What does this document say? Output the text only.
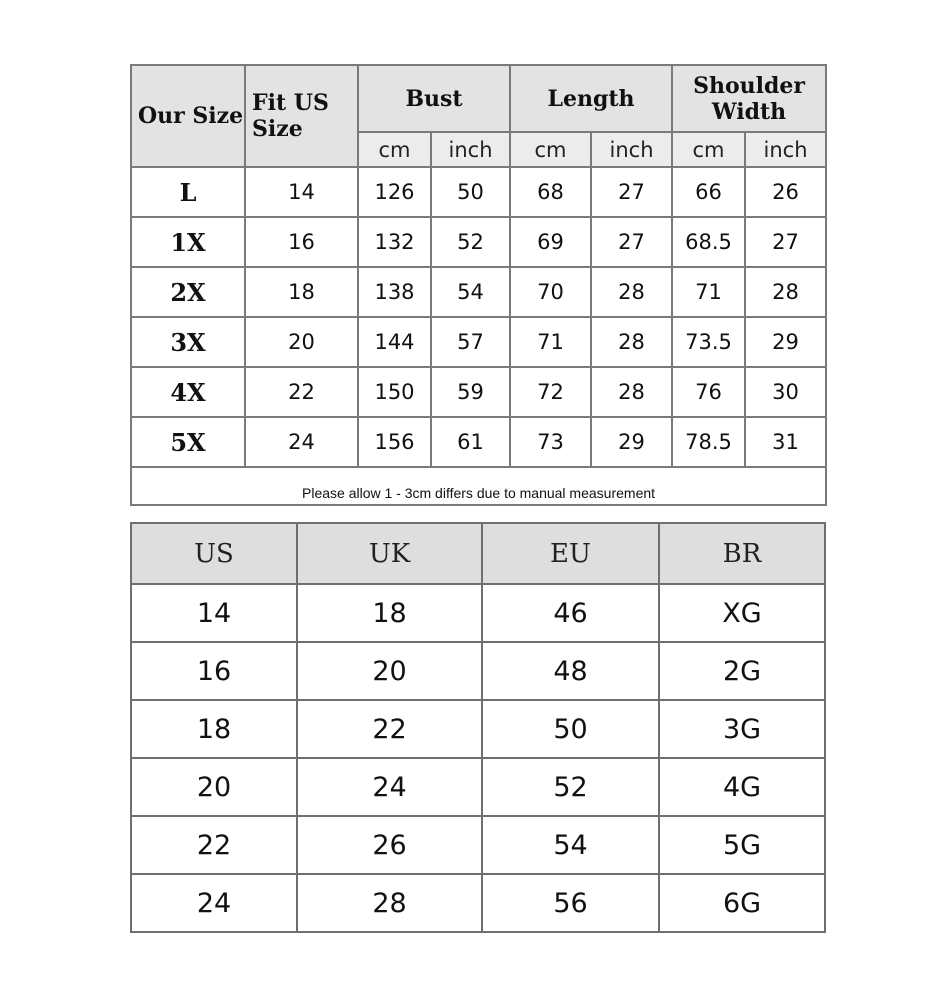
Our Size	Fit US Size	Bust		Length		Shoulder Width	
		cm	inch	cm	inch	cm	inch
L	14	126	50	68	27	66	26
1X	16	132	52	69	27	68.5	27
2X	18	138	54	70	28	71	28
3X	20	144	57	71	28	73.5	29
4X	22	150	59	72	28	76	30
5X	24	156	61	73	29	78.5	31
Please allow 1 - 3cm differs due to manual measurement							
US	UK	EU	BR
14	18	46	XG
16	20	48	2G
18	22	50	3G
20	24	52	4G
22	26	54	5G
24	28	56	6G
